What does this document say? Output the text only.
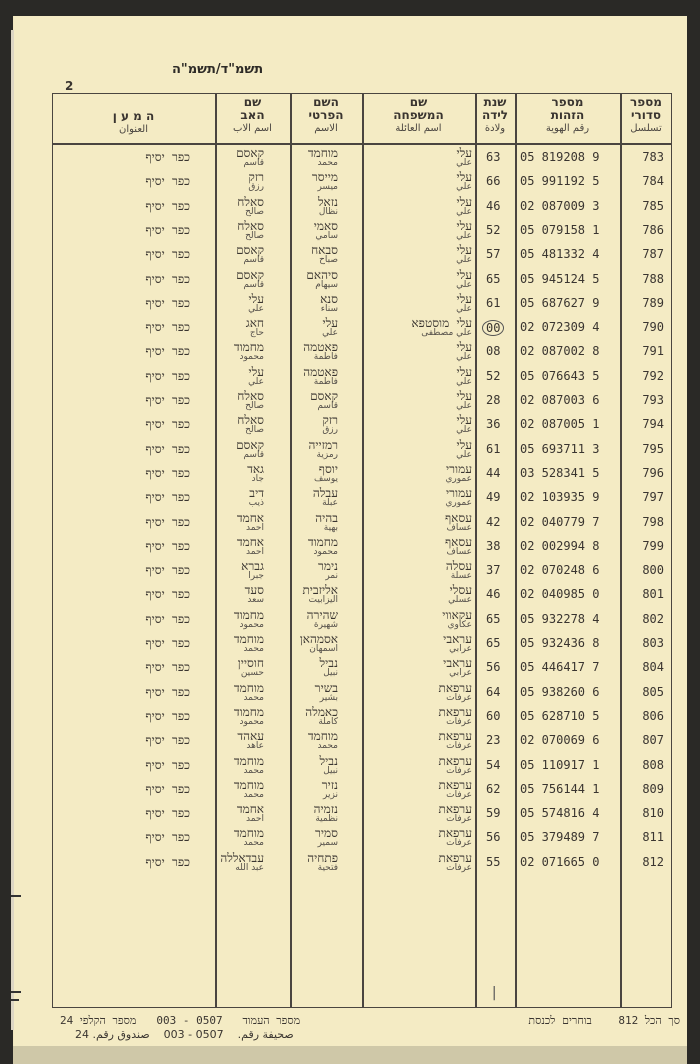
תשמ"ד/תשמ"ה
2
מספר
סדורי
تسلسل
מספר
הזהות
رقم الهوية
שנת
לידה
ولادة
שם
המשפחה
اسم العائلة
השם
הפרטי
الاسم
שם
האב
اسم الاب
ה מ ע ן
العنوان
783
05 819208 9
63
עלי
علي
מוחמד
محمد
קאסם
قاسم
כפר יסיף
784
05 991192 5
66
עלי
علي
מייסר
ميسر
רזק
رزق
כפר יסיף
785
02 087009 3
46
עלי
علي
נזאל
نظال
סאלח
صالح
כפר יסיף
786
05 079158 1
52
עלי
علي
סאמי
سامي
סאלח
صالح
כפר יסיף
787
05 481332 4
57
עלי
علي
סבאח
صباح
קאסם
قاسم
כפר יסיף
788
05 945124 5
65
עלי
علي
סיהאם
سيهام
קאסם
قاسم
כפר יסיף
789
05 687627 9
61
עלי
علي
סנא
سناء
עלי
علي
כפר יסיף
790
02 072309 4
00
עלי מוסטפא
علي مصطفى
עלי
علي
חאג
حاج
כפר יסיף
791
02 087002 8
08
עלי
علي
פאטמה
فاطمة
מחמוד
محمود
כפר יסיף
792
05 076643 5
52
עלי
علي
פאטמה
فاطمة
עלי
علي
כפר יסיף
793
02 087003 6
28
עלי
علي
קאסם
قاسم
סאלח
صالح
כפר יסיף
794
02 087005 1
36
עלי
علي
רזק
رزق
סאלח
صالح
כפר יסיף
795
05 693711 3
61
עלי
علي
רמזייה
رمزية
קאסם
قاسم
כפר יסיף
796
03 528341 5
44
עמורי
عموري
יוסף
يوسف
גאד
جاد
כפר יסיף
797
02 103935 9
49
עמורי
عموري
עבלה
عبلة
דיב
ذيب
כפר יסיף
798
02 040779 7
42
עסאף
عساف
בהיה
بهية
אחמד
احمد
כפר יסיף
799
02 002994 8
38
עסאף
عساف
מחמוד
محمود
אחמד
احمد
כפר יסיף
800
02 070248 6
37
עסלה
عسلة
נימר
نمر
גברא
جبرا
כפר יסיף
801
02 040985 0
46
עסלי
عسلي
אליזבית
اليزابيت
סעד
سعد
כפר יסיף
802
05 932278 4
65
עקאווי
عكاوي
שהירה
شهيرة
מחמוד
محمود
כפר יסיף
803
05 932436 8
65
עראבי
عرابي
אסמהאן
اسمهان
מוחמד
محمد
כפר יסיף
804
05 446417 7
56
עראבי
عرابي
נביל
نبيل
חוסיין
حسين
כפר יסיף
805
05 938260 6
64
ערפאת
عرفات
בשיר
بشير
מוחמד
محمد
כפר יסיף
806
05 628710 5
60
ערפאת
عرفات
כאמלה
كاملة
מחמוד
محمود
כפר יסיף
807
02 070069 6
23
ערפאת
عرفات
מוחמד
محمد
עאהד
عاهد
כפר יסיף
808
05 110917 1
54
ערפאת
عرفات
נביל
نبيل
מוחמד
محمد
כפר יסיף
809
05 756144 1
62
ערפאת
عرفات
נזיר
نزير
מוחמד
محمد
כפר יסיף
810
05 574816 4
59
ערפאת
عرفات
נזמיה
نظمية
אחמד
احمد
כפר יסיף
811
05 379489 7
56
ערפאת
عرفات
סמיר
سمير
מוחמד
محمد
כפר יסיף
812
02 071665 0
55
ערפאת
عرفات
פתחיה
فتحية
עבדאללה
عبد الله
כפר יסיף
|
סך הכל 812    בוחרים לכנסת
24	מספר העמוד   0507 - 003   מספר הקלפי
24	صحيفة رقم.    0507 - 003    صندوق رقم.
